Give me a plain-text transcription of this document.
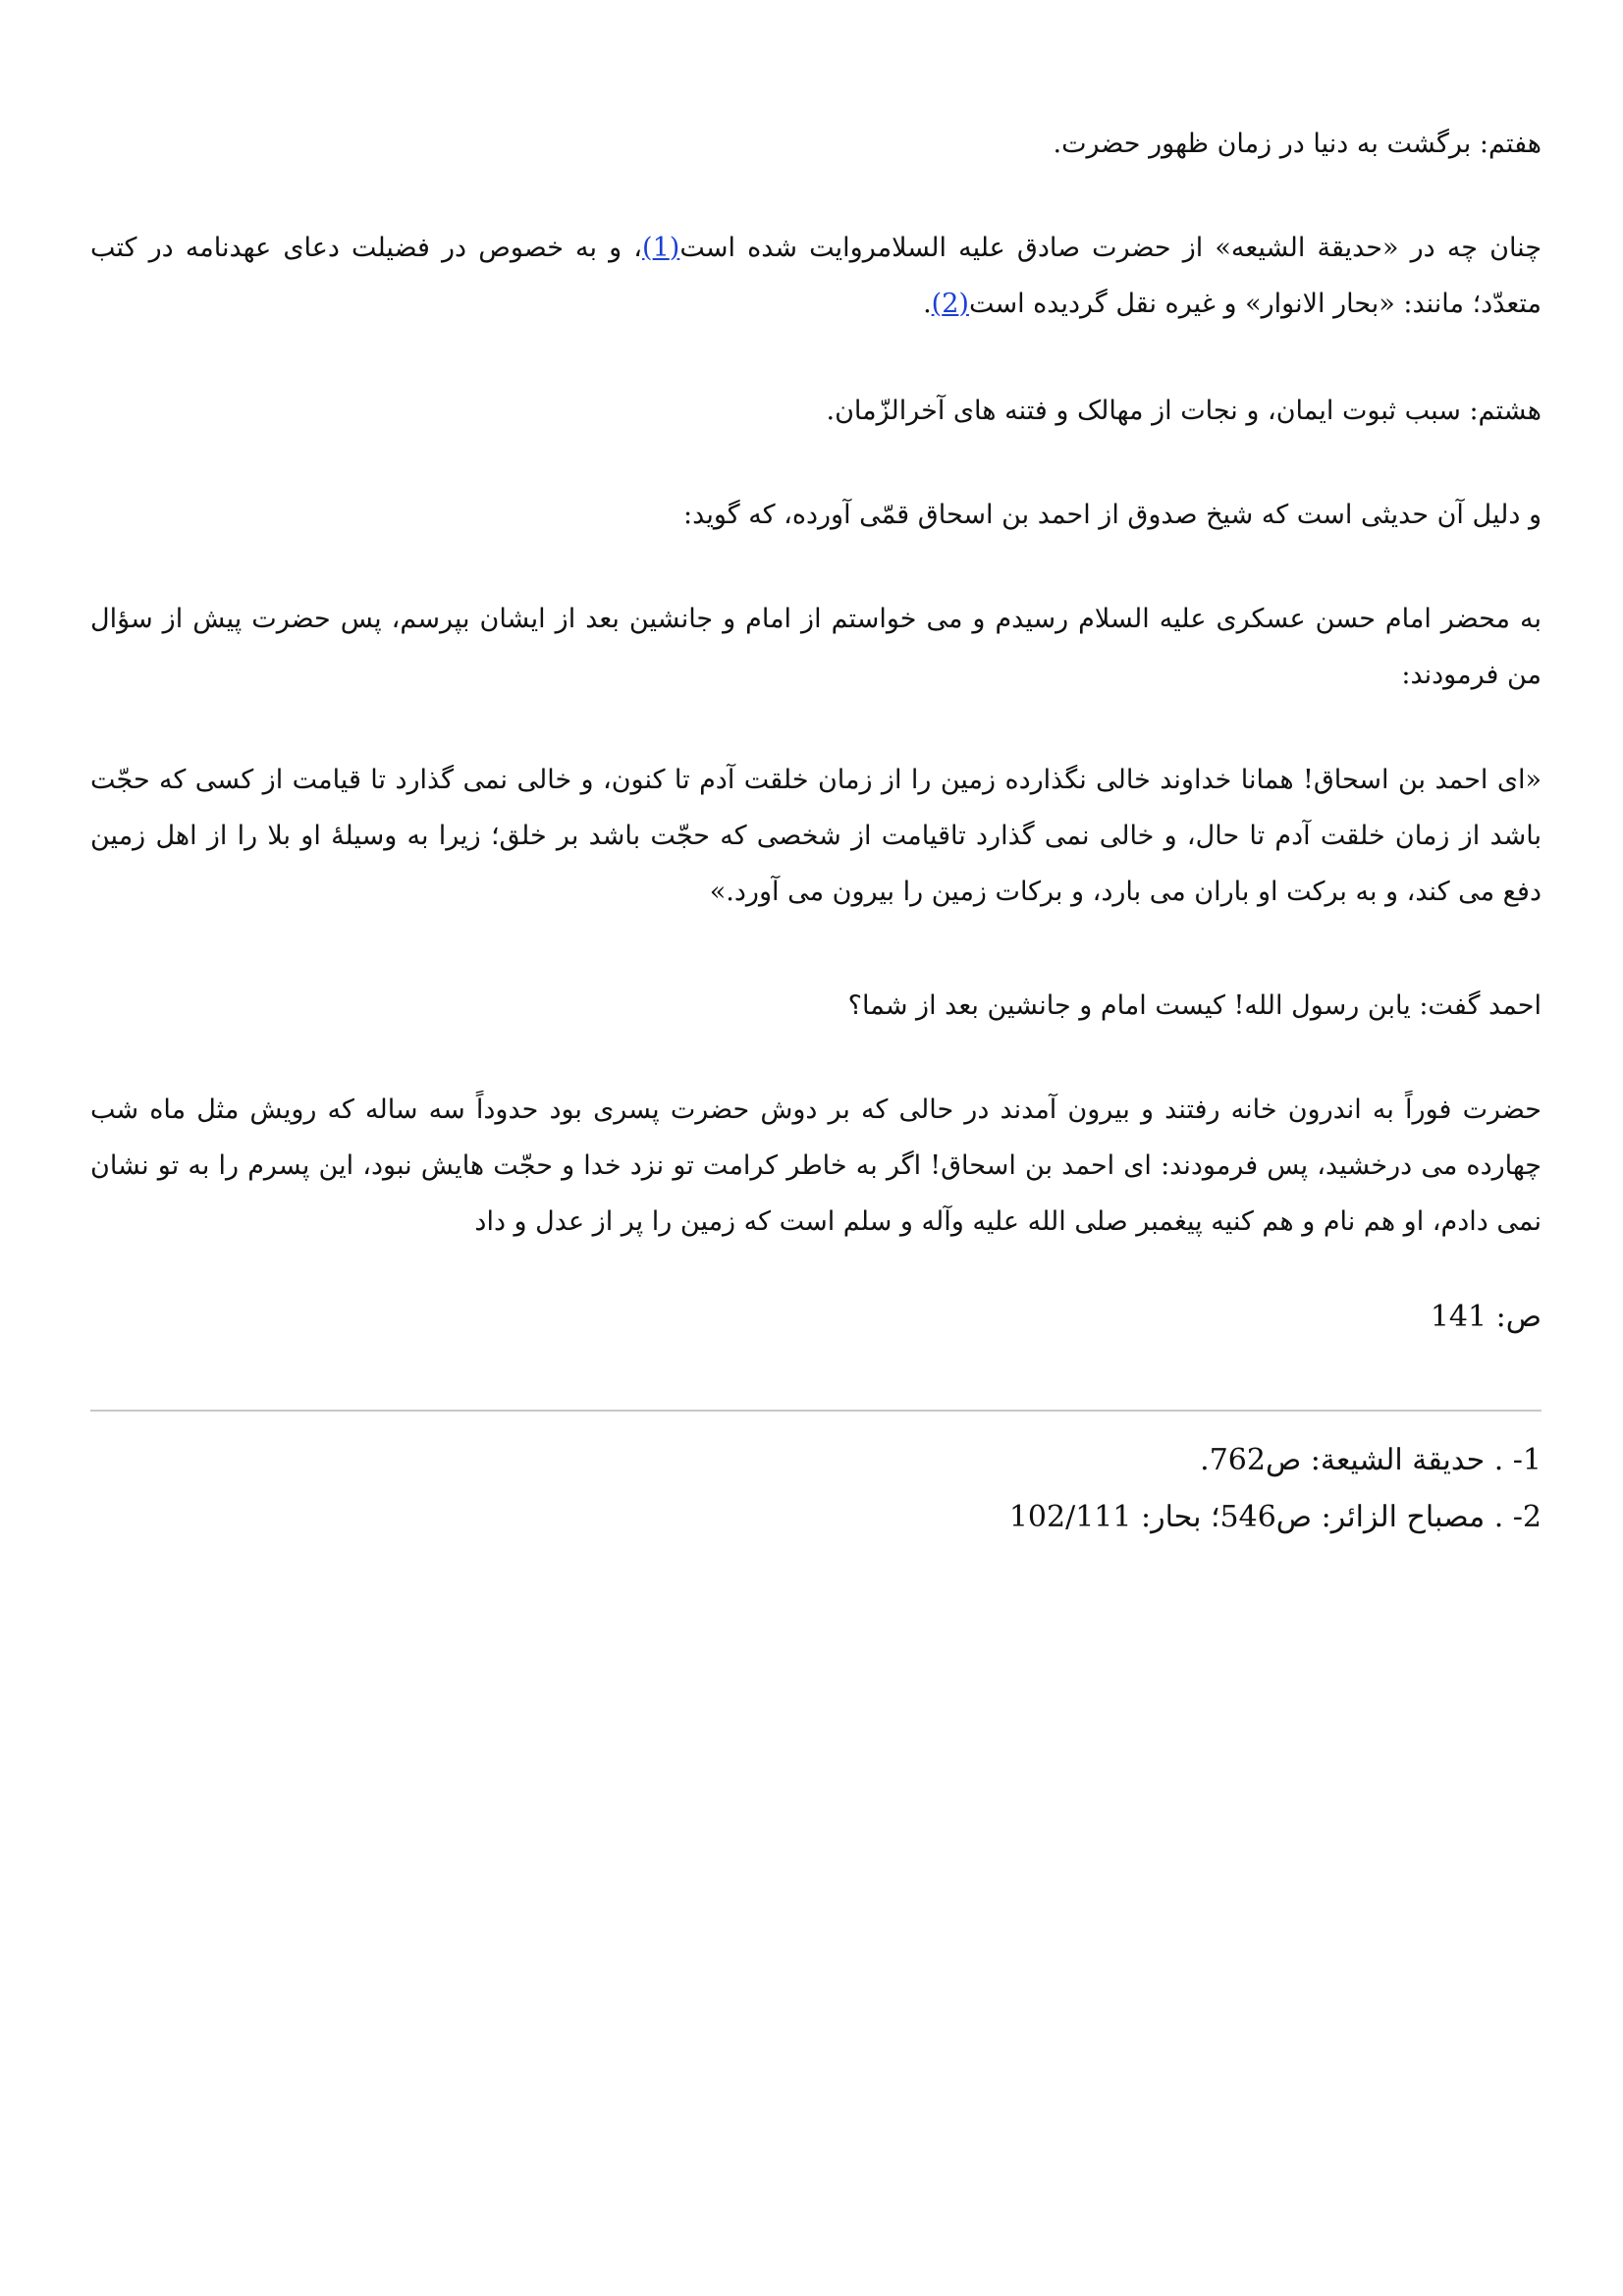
هفتم: برگشت به دنیا در زمان ظهور حضرت.

چنان چه در «حدیقة الشیعه» از حضرت صادق علیه السلامروایت شده است(1)، و به خصوص در فضیلت دعای عهدنامه در کتب متعدّد؛ مانند: «بحار الانوار» و غیره نقل گردیده است(2).

هشتم: سبب ثبوت ایمان، و نجات از مهالک و فتنه های آخرالزّمان.

و دلیل آن حدیثی است که شیخ صدوق از احمد بن اسحاق قمّی آورده، که گوید:

به محضر امام حسن عسکری علیه السلام رسیدم و می خواستم از امام و جانشین بعد از ایشان بپرسم، پس حضرت پیش از سؤال من فرمودند:

«ای احمد بن اسحاق! همانا خداوند خالی نگذارده زمین را از زمان خلقت آدم تا کنون، و خالی نمی گذارد تا قیامت از کسی که حجّت باشد از زمان خلقت آدم تا حال، و خالی نمی گذارد تاقیامت از شخصی که حجّت باشد بر خلق؛ زیرا به وسیلهٔ او بلا را از اهل زمین دفع می کند، و به برکت او باران می بارد، و برکات زمین را بیرون می آورد.»

احمد گفت: یابن رسول الله! کیست امام و جانشین بعد از شما؟

حضرت فوراً به اندرون خانه رفتند و بیرون آمدند در حالی که بر دوش حضرت پسری بود حدوداً سه ساله که رویش مثل ماه شب چهارده می درخشید، پس فرمودند: ای احمد بن اسحاق! اگر به خاطر کرامت تو نزد خدا و حجّت هایش نبود، این پسرم را به تو نشان نمی دادم، او هم نام و هم کنیه پیغمبر صلی الله علیه وآله و سلم است که زمین را پر از عدل و داد

ص: 141
1- . حدیقة الشیعة: ص762.
2- . مصباح الزائر: ص546؛ بحار: 102/111
